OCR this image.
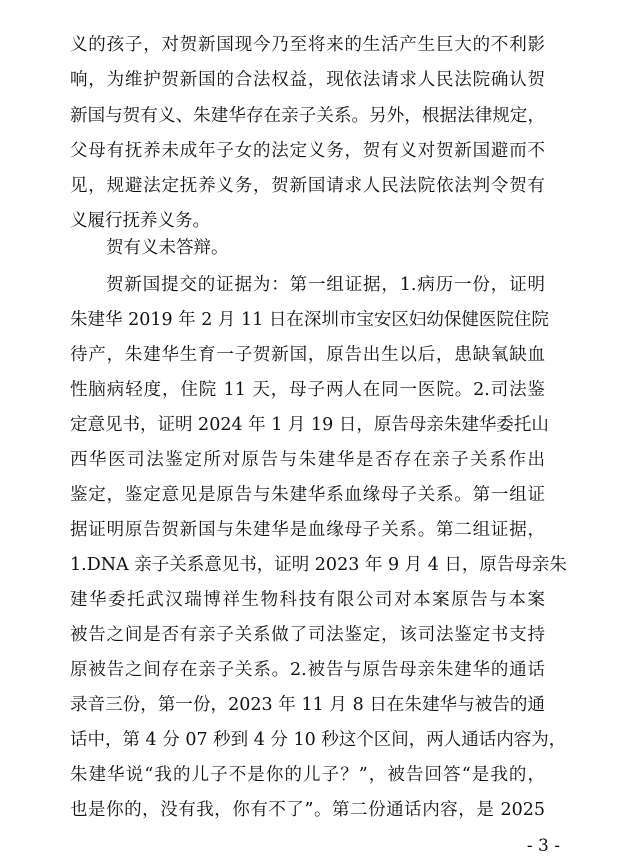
义的孩子，对贺新国现今乃至将来的生活产生巨大的不利影
响，为维护贺新国的合法权益，现依法请求人民法院确认贺
新国与贺有义、朱建华存在亲子关系。另外，根据法律规定，
父母有抚养未成年子女的法定义务，贺有义对贺新国避而不
见，规避法定抚养义务，贺新国请求人民法院依法判令贺有
义履行抚养义务。
贺有义未答辩。
贺新国提交的证据为：第一组证据，1.病历一份，证明
朱建华 2019 年 2 月 11 日在深圳市宝安区妇幼保健医院住院
待产，朱建华生育一子贺新国，原告出生以后，患缺氧缺血
性脑病轻度，住院 11 天，母子两人在同一医院。2.司法鉴
定意见书，证明 2024 年 1 月 19 日，原告母亲朱建华委托山
西华医司法鉴定所对原告与朱建华是否存在亲子关系作出
鉴定，鉴定意见是原告与朱建华系血缘母子关系。第一组证
据证明原告贺新国与朱建华是血缘母子关系。第二组证据，
1.DNA 亲子关系意见书，证明 2023 年 9 月 4 日，原告母亲朱
建华委托武汉瑞博祥生物科技有限公司对本案原告与本案
被告之间是否有亲子关系做了司法鉴定，该司法鉴定书支持
原被告之间存在亲子关系。2.被告与原告母亲朱建华的通话
录音三份，第一份，2023 年 11 月 8 日在朱建华与被告的通
话中，第 4 分 07 秒到 4 分 10 秒这个区间，两人通话内容为，
朱建华说“我的儿子不是你的儿子？”，被告回答“是我的，
也是你的，没有我，你有不了”。第二份通话内容，是 2025
- 3 -
